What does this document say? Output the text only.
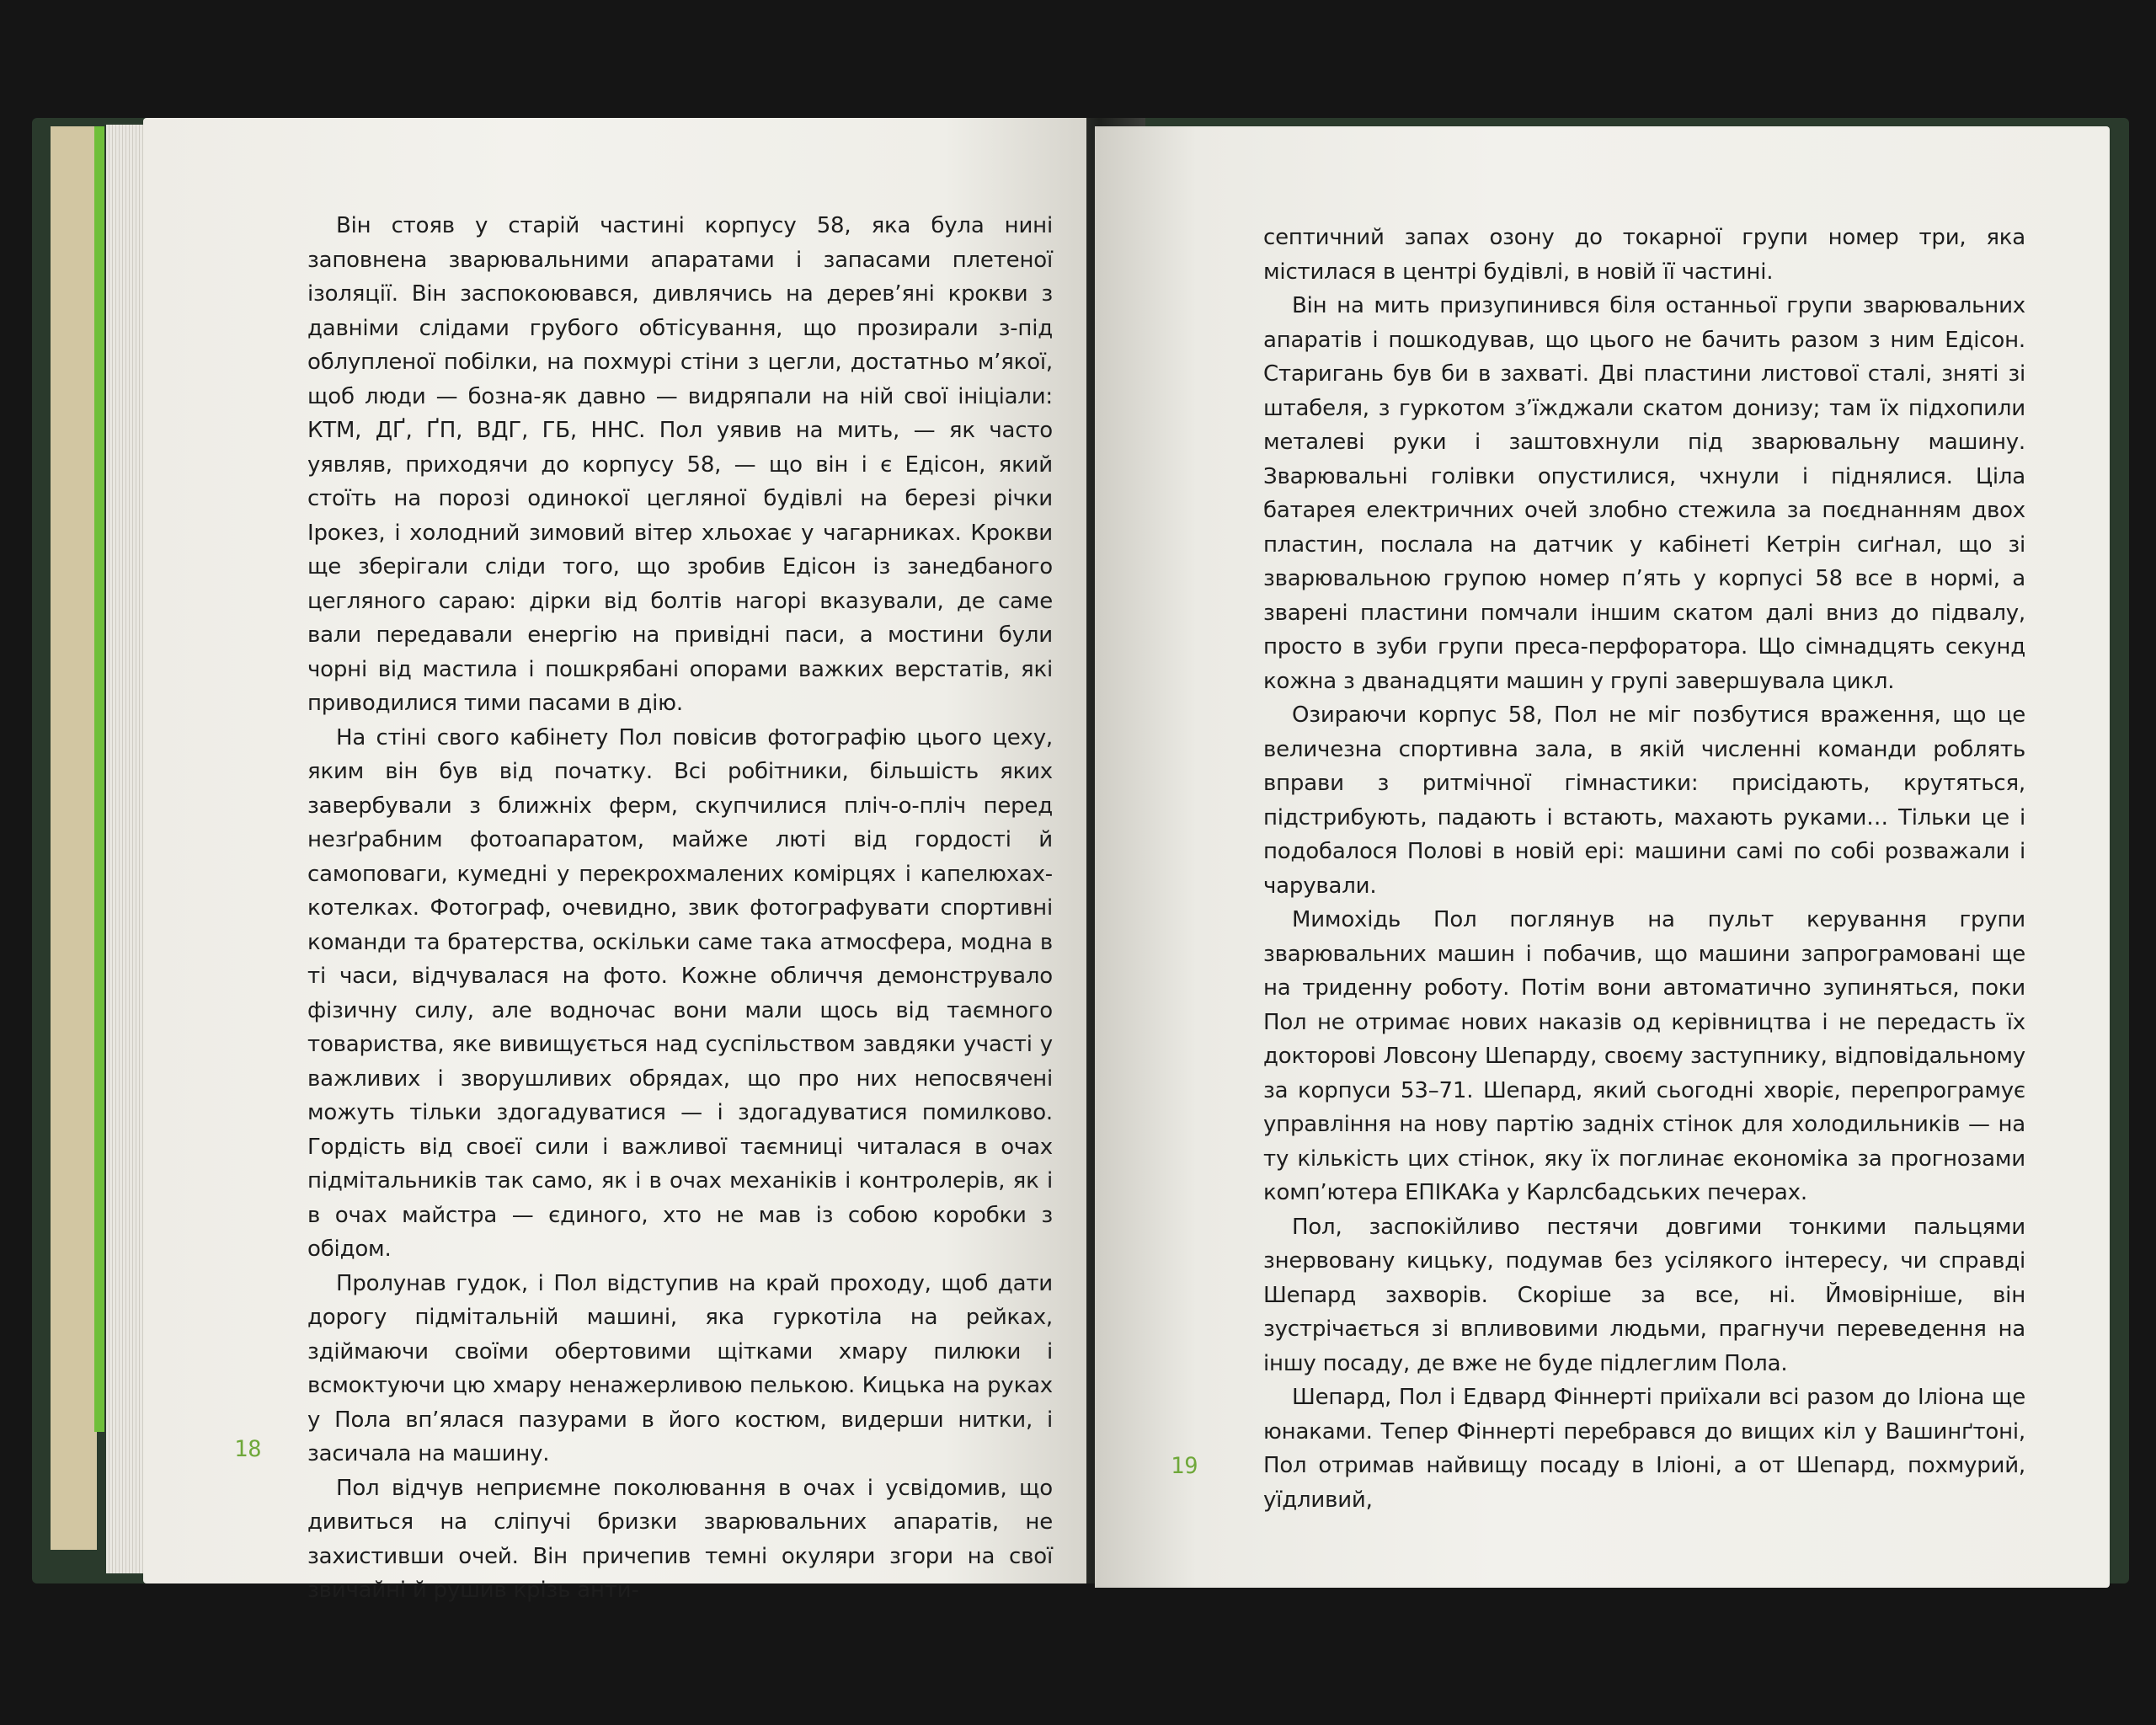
Він стояв у старій частині корпусу 58, яка була нині заповнена зварювальними апаратами і запасами плетеної ізоляції. Він заспокоювався, дивлячись на дерев’яні крокви з давніми слідами грубого обтісування, що прозирали з-під облупленої побілки, на похмурі стіни з цегли, достатньо м’якої, щоб люди — бозна-як давно — видряпали на ній свої ініціали: КТМ, ДҐ, ҐП, ВДГ, ГБ, ННС. Пол уявив на мить, — як часто уявляв, приходячи до корпусу 58, — що він і є Едісон, який стоїть на порозі одинокої цегляної будівлі на березі річки Ірокез, і холодний зимовий вітер хльохає у чагарниках. Крокви ще зберігали сліди того, що зробив Едісон із занедбаного цегляного сараю: дірки від болтів нагорі вказували, де саме вали передавали енергію на привідні паси, а мостини були чорні від мастила і пошкрябані опорами важких верстатів, які приводилися тими пасами в дію.

На стіні свого кабінету Пол повісив фотографію цього цеху, яким він був від початку. Всі робітники, більшість яких завербували з ближніх ферм, скупчилися пліч-о-пліч перед незґрабним фотоапаратом, майже люті від гордості й самоповаги, кумедні у перекрохмалених комірцях і капелюхах-котелках. Фотограф, очевидно, звик фотографувати спортивні команди та братерства, оскільки саме така атмосфера, модна в ті часи, відчувалася на фото. Кожне обличчя демонструвало фізичну силу, але водночас вони мали щось від таємного товариства, яке вивищується над суспільством завдяки участі у важливих і зворушливих обрядах, що про них непосвячені можуть тільки здогадуватися — і здогадуватися помилково. Гордість від своєї сили і важливої таємниці читалася в очах підмітальників так само, як і в очах механіків і контролерів, як і в очах майстра — єдиного, хто не мав із собою коробки з обідом.

Пролунав гудок, і Пол відступив на край проходу, щоб дати дорогу підмітальній машині, яка гуркотіла на рейках, здіймаючи своїми обертовими щітками хмару пилюки і всмоктуючи цю хмару ненажерливою пелькою. Кицька на руках у Пола вп’ялася пазурами в його костюм, видерши нитки, і засичала на машину.

Пол відчув неприємне поколювання в очах і усвідомив, що дивиться на сліпучі бризки зварювальних апаратів, не захистивши очей. Він причепив темні окуляри згори на свої звичайні й рушив крізь анти-

18

септичний запах озону до токарної групи номер три, яка містилася в центрі будівлі, в новій її частині.

Він на мить призупинився біля останньої групи зварювальних апаратів і пошкодував, що цього не бачить разом з ним Едісон. Старигань був би в захваті. Дві пластини листової сталі, зняті зі штабеля, з гуркотом з’їжджали скатом донизу; там їх підхопили металеві руки і заштовхнули під зварювальну машину. Зварювальні голівки опустилися, чхнули і піднялися. Ціла батарея електричних очей злобно стежила за поєднанням двох пластин, послала на датчик у кабінеті Кетрін сиґнал, що зі зварювальною групою номер п’ять у корпусі 58 все в нормі, а зварені пластини помчали іншим скатом далі вниз до підвалу, просто в зуби групи преса-перфоратора. Що сімнадцять секунд кожна з дванадцяти машин у групі завершувала цикл.

Озираючи корпус 58, Пол не міг позбутися враження, що це величезна спортивна зала, в якій численні команди роблять вправи з ритмічної гімнастики: присідають, крутяться, підстрибують, падають і встають, махають руками… Тільки це і подобалося Полові в новій ері: машини самі по собі розважали і чарували.

Мимохідь Пол поглянув на пульт керування групи зварювальних машин і побачив, що машини запрограмовані ще на триденну роботу. Потім вони автоматично зупиняться, поки Пол не отримає нових наказів од керівництва і не передасть їх докторові Ловсону Шепарду, своєму заступнику, відповідальному за корпуси 53–71. Шепард, який сьогодні хворіє, перепрограмує управління на нову партію задніх стінок для холодильників — на ту кількість цих стінок, яку їх поглинає економіка за прогнозами комп’ютера ЕПІКАКа у Карлсбадських печерах.

Пол, заспокійливо пестячи довгими тонкими пальцями знервовану кицьку, подумав без усілякого інтересу, чи справді Шепард захворів. Скоріше за все, ні. Ймовірніше, він зустрічається зі впливовими людьми, прагнучи переведення на іншу посаду, де вже не буде підлеглим Пола.

Шепард, Пол і Едвард Фіннерті приїхали всі разом до Іліона ще юнаками. Тепер Фіннерті перебрався до вищих кіл у Вашинґтоні, Пол отримав найвищу посаду в Іліоні, а от Шепард, похмурий, уїдливий,

19
